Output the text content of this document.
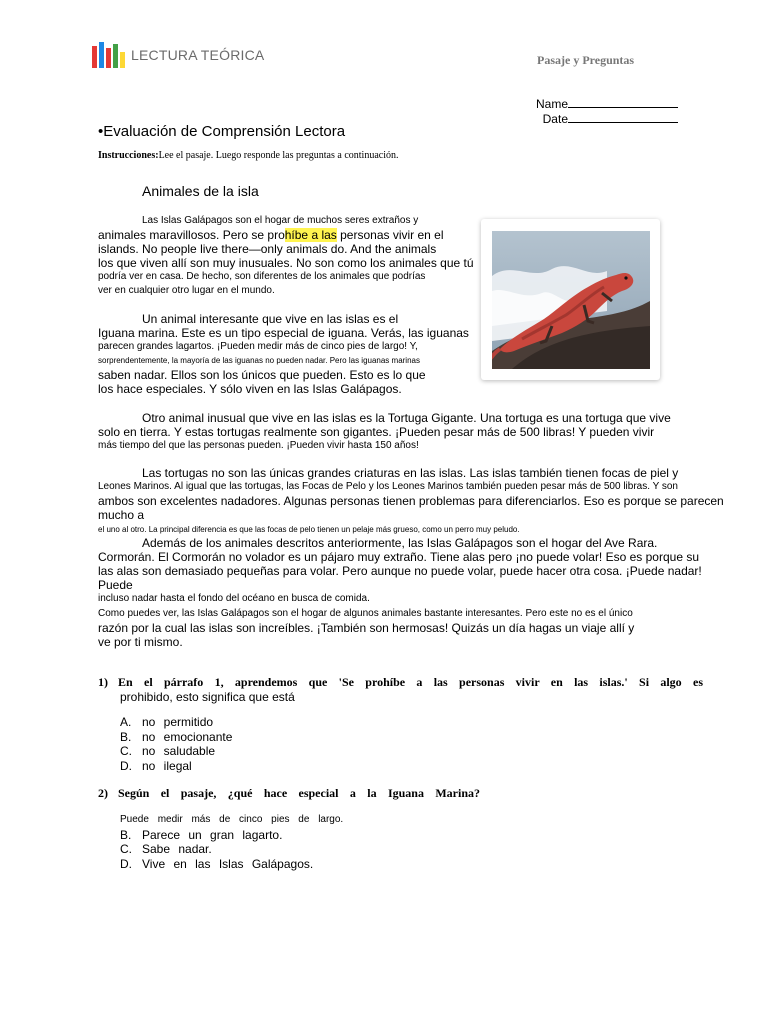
LECTURA TEÓRICA	Pasaje y Preguntas
Name
Date
•Evaluación de Comprensión Lectora
Instrucciones:Lee el pasaje. Luego responde las preguntas a continuación.
Animales de la isla
Las Islas Galápagos son el hogar de muchos seres extraños y
animales maravillosos. Pero se prohíbe a las personas vivir en el
islands. No people live there—only animals do. And the animals
los que viven allí son muy inusuales. No son como los animales que tú
podría ver en casa. De hecho, son diferentes de los animales que podrías
ver en cualquier otro lugar en el mundo.
Un animal interesante que vive en las islas es el
Iguana marina. Este es un tipo especial de iguana. Verás, las iguanas
parecen grandes lagartos. ¡Pueden medir más de cinco pies de largo! Y,
sorprendentemente, la mayoría de las iguanas no pueden nadar. Pero las iguanas marinas
saben nadar. Ellos son los únicos que pueden. Esto es lo que
los hace especiales. Y sólo viven en las Islas Galápagos.
Otro animal inusual que vive en las islas es la Tortuga Gigante. Una tortuga es una tortuga que vive
solo en tierra. Y estas tortugas realmente son gigantes. ¡Pueden pesar más de 500 libras! Y pueden vivir
más tiempo del que las personas pueden. ¡Pueden vivir hasta 150 años!
Las tortugas no son las únicas grandes criaturas en las islas. Las islas también tienen focas de piel y
Leones Marinos. Al igual que las tortugas, las Focas de Pelo y los Leones Marinos también pueden pesar más de 500 libras. Y son
ambos son excelentes nadadores. Algunas personas tienen problemas para diferenciarlos. Eso es porque se parecen mucho a
el uno al otro. La principal diferencia es que las focas de pelo tienen un pelaje más grueso, como un perro muy peludo.
Además de los animales descritos anteriormente, las Islas Galápagos son el hogar del Ave Rara.
Cormorán. El Cormorán no volador es un pájaro muy extraño. Tiene alas pero ¡no puede volar! Eso es porque su
las alas son demasiado pequeñas para volar. Pero aunque no puede volar, puede hacer otra cosa. ¡Puede nadar! Puede
incluso nadar hasta el fondo del océano en busca de comida.
Como puedes ver, las Islas Galápagos son el hogar de algunos animales bastante interesantes. Pero este no es el único
razón por la cual las islas son increíbles. ¡También son hermosas! Quizás un día hagas un viaje allí y
ve por ti mismo.
1) En el párrafo 1, aprendemos que 'Se prohíbe a las personas vivir en las islas.' Si algo es
prohibido, esto significa que está
A. no permitido
B. no emocionante
C. no saludable
D. no ilegal
2) Según el pasaje, ¿qué hace especial a la Iguana Marina?
Puede medir más de cinco pies de largo.
B. Parece un gran lagarto.
C. Sabe nadar.
D. Vive en las Islas Galápagos.
